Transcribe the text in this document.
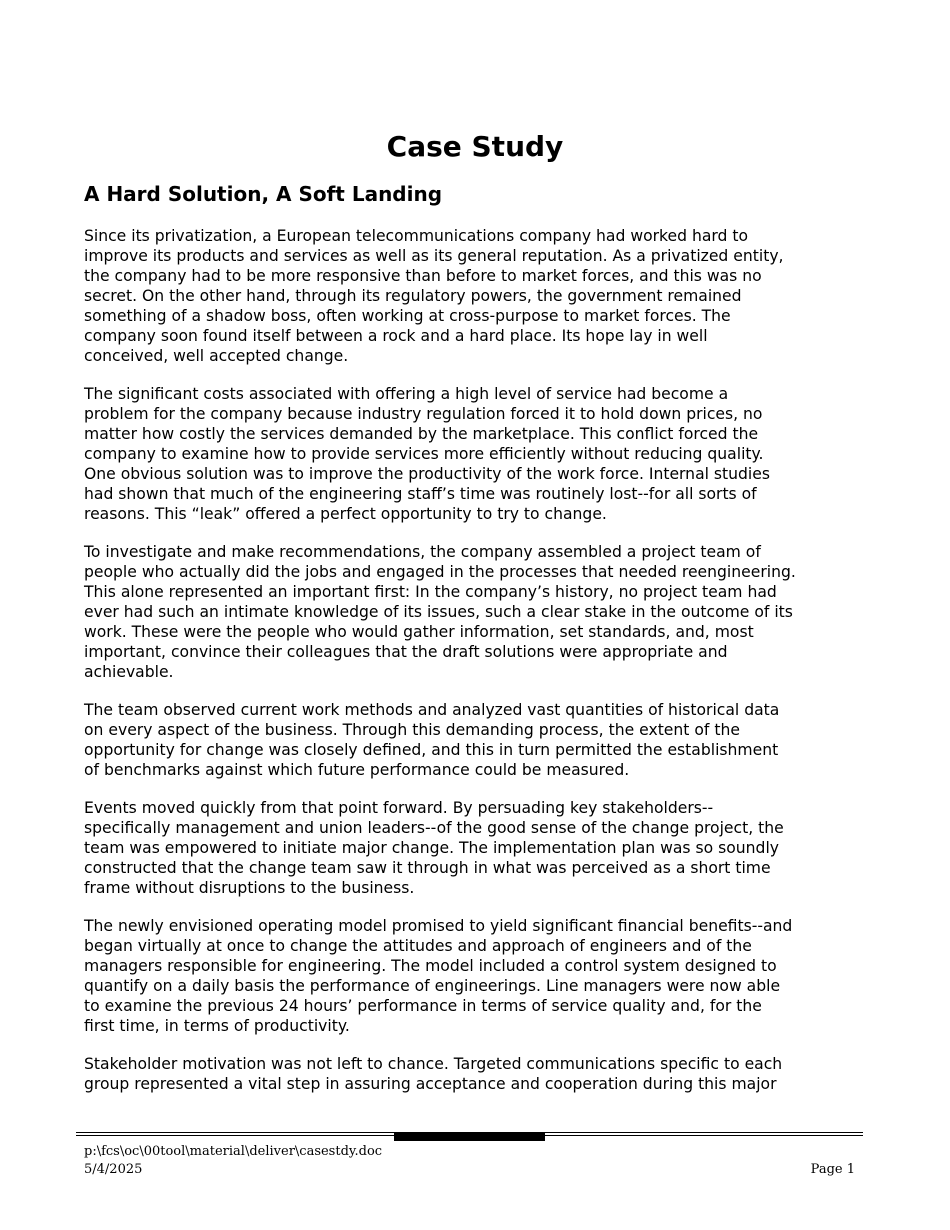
Case Study
A Hard Solution, A Soft Landing

Since its privatization, a European telecommunications company had worked hard to
improve its products and services as well as its general reputation. As a privatized entity,
the company had to be more responsive than before to market forces, and this was no
secret. On the other hand, through its regulatory powers, the government remained
something of a shadow boss, often working at cross-purpose to market forces. The
company soon found itself between a rock and a hard place. Its hope lay in well
conceived, well accepted change.

The significant costs associated with offering a high level of service had become a
problem for the company because industry regulation forced it to hold down prices, no
matter how costly the services demanded by the marketplace. This conflict forced the
company to examine how to provide services more efficiently without reducing quality.
One obvious solution was to improve the productivity of the work force. Internal studies
had shown that much of the engineering staff’s time was routinely lost--for all sorts of
reasons. This “leak” offered a perfect opportunity to try to change.

To investigate and make recommendations, the company assembled a project team of
people who actually did the jobs and engaged in the processes that needed reengineering.
This alone represented an important first: In the company’s history, no project team had
ever had such an intimate knowledge of its issues, such a clear stake in the outcome of its
work. These were the people who would gather information, set standards, and, most
important, convince their colleagues that the draft solutions were appropriate and
achievable.

The team observed current work methods and analyzed vast quantities of historical data
on every aspect of the business. Through this demanding process, the extent of the
opportunity for change was closely defined, and this in turn permitted the establishment
of benchmarks against which future performance could be measured.

Events moved quickly from that point forward. By persuading key stakeholders--
specifically management and union leaders--of the good sense of the change project, the
team was empowered to initiate major change. The implementation plan was so soundly
constructed that the change team saw it through in what was perceived as a short time
frame without disruptions to the business.

The newly envisioned operating model promised to yield significant financial benefits--and
began virtually at once to change the attitudes and approach of engineers and of the
managers responsible for engineering. The model included a control system designed to
quantify on a daily basis the performance of engineerings. Line managers were now able
to examine the previous 24 hours’ performance in terms of service quality and, for the
first time, in terms of productivity.

Stakeholder motivation was not left to chance. Targeted communications specific to each
group represented a vital step in assuring acceptance and cooperation during this major

p:\fcs\oc\00tool\material\deliver\casestdy.doc
5/4/2025	Page 1
